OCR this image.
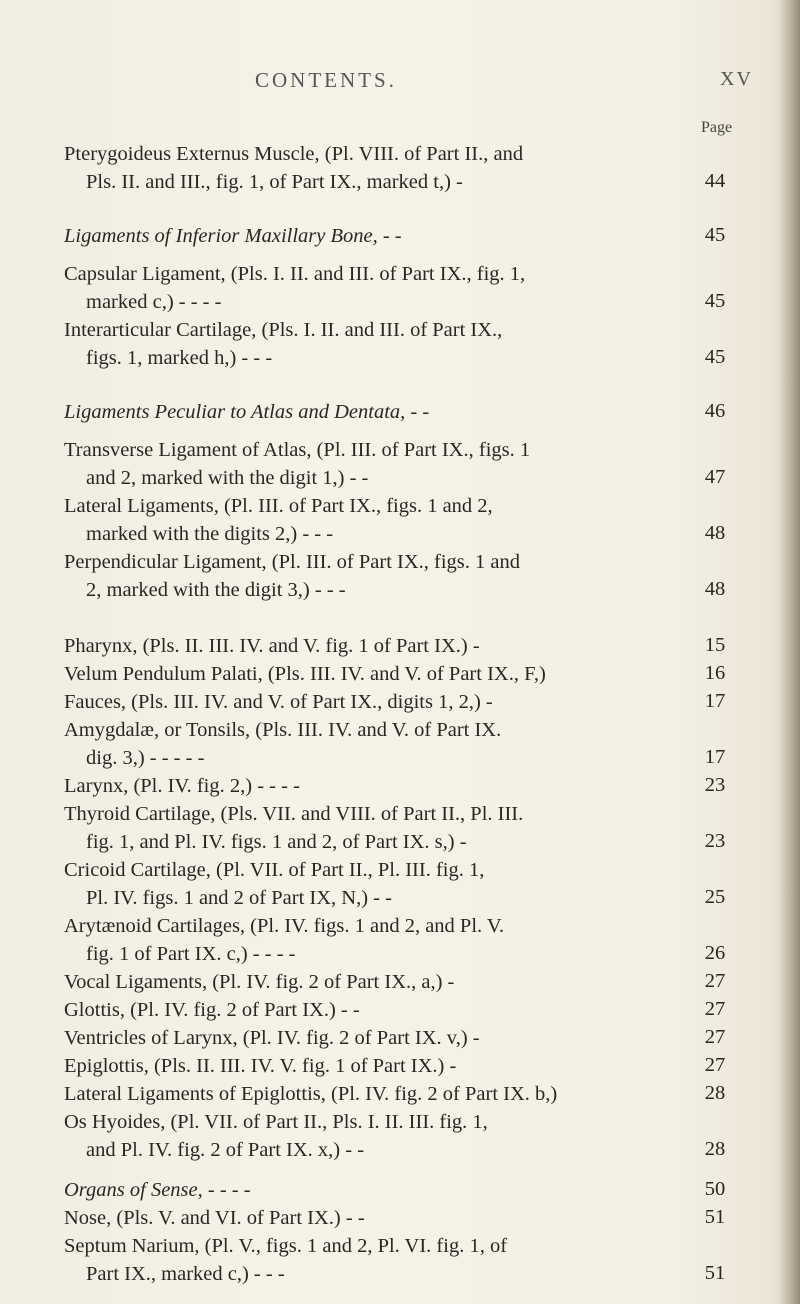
CONTENTS.	XV
Page
Pterygoideus Externus Muscle, (Pl. VIII. of Part II., and
Pls. II. and III., fig. 1, of Part IX., marked t,) -	44
Ligaments of Inferior Maxillary Bone, - -	45
Capsular Ligament, (Pls. I. II. and III. of Part IX., fig. 1,
marked c,) - - - -	45
Interarticular Cartilage, (Pls. I. II. and III. of Part IX.,
figs. 1, marked h,) - - -	45
Ligaments Peculiar to Atlas and Dentata, - -	46
Transverse Ligament of Atlas, (Pl. III. of Part IX., figs. 1
and 2, marked with the digit 1,) - -	47
Lateral Ligaments, (Pl. III. of Part IX., figs. 1 and 2,
marked with the digits 2,) - - -	48
Perpendicular Ligament, (Pl. III. of Part IX., figs. 1 and
2, marked with the digit 3,) - - -	48
Pharynx, (Pls. II. III. IV. and V. fig. 1 of Part IX.) -	15
Velum Pendulum Palati, (Pls. III. IV. and V. of Part IX., F,)	16
Fauces, (Pls. III. IV. and V. of Part IX., digits 1, 2,) -	17
Amygdalæ, or Tonsils, (Pls. III. IV. and V. of Part IX.
dig. 3,) - - - - -	17
Larynx, (Pl. IV. fig. 2,) - - - -	23
Thyroid Cartilage, (Pls. VII. and VIII. of Part II., Pl. III.
fig. 1, and Pl. IV. figs. 1 and 2, of Part IX. s,) -	23
Cricoid Cartilage, (Pl. VII. of Part II., Pl. III. fig. 1,
Pl. IV. figs. 1 and 2 of Part IX, N,) - -	25
Arytænoid Cartilages, (Pl. IV. figs. 1 and 2, and Pl. V.
fig. 1 of Part IX. c,) - - - -	26
Vocal Ligaments, (Pl. IV. fig. 2 of Part IX., a,) -	27
Glottis, (Pl. IV. fig. 2 of Part IX.) - -	27
Ventricles of Larynx, (Pl. IV. fig. 2 of Part IX. v,) -	27
Epiglottis, (Pls. II. III. IV. V. fig. 1 of Part IX.) -	27
Lateral Ligaments of Epiglottis, (Pl. IV. fig. 2 of Part IX. b,)	28
Os Hyoides, (Pl. VII. of Part II., Pls. I. II. III. fig. 1,
and Pl. IV. fig. 2 of Part IX. x,) - -	28
Organs of Sense, - - - -	50
Nose, (Pls. V. and VI. of Part IX.) - -	51
Septum Narium, (Pl. V., figs. 1 and 2, Pl. VI. fig. 1, of
Part IX., marked c,) - - -	51
